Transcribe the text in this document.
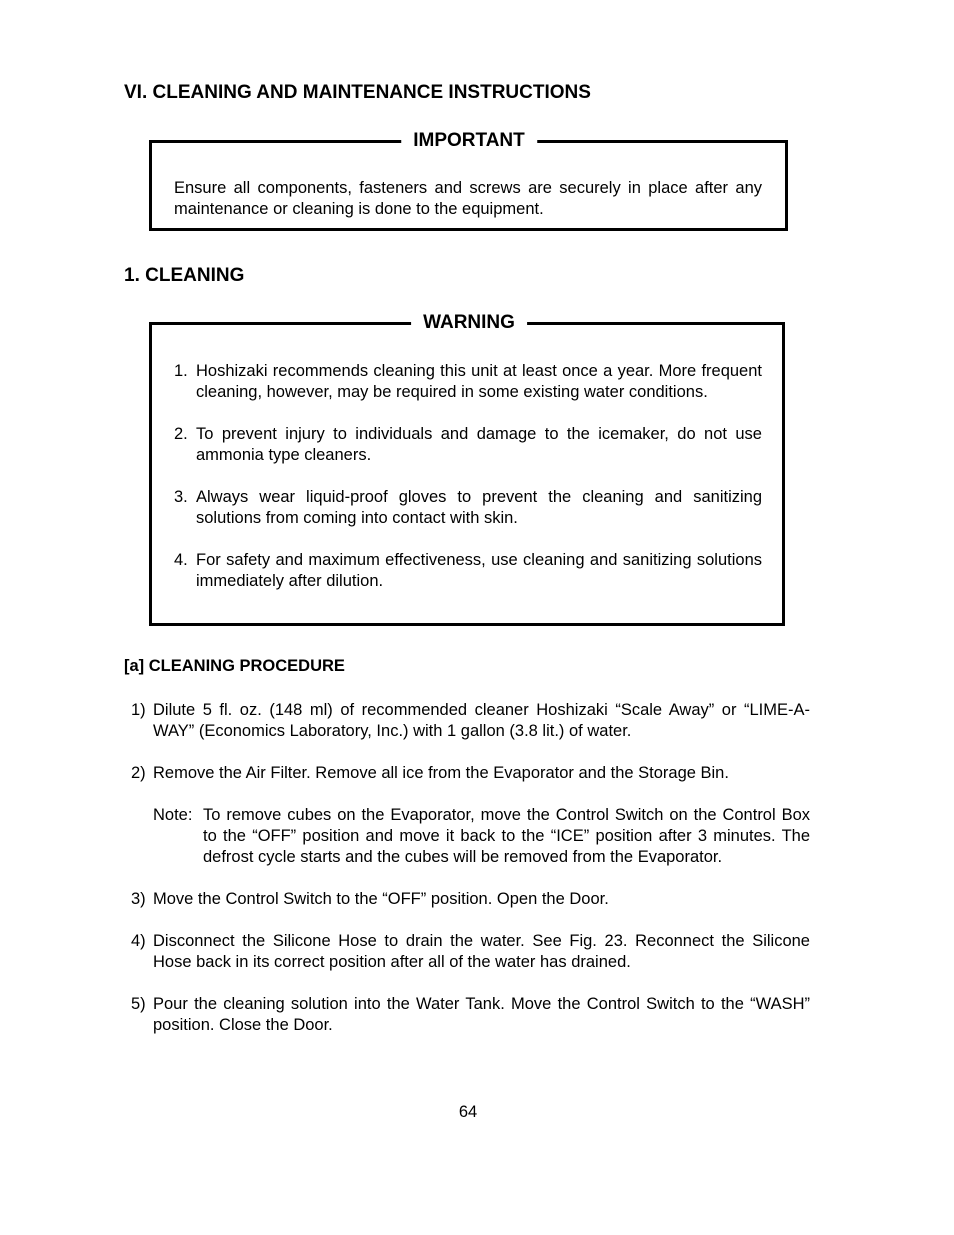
VI. CLEANING AND MAINTENANCE INSTRUCTIONS
IMPORTANT
Ensure all components, fasteners and screws are securely in place after any maintenance or cleaning is done to the equipment.
1. CLEANING
WARNING
1. Hoshizaki recommends cleaning this unit at least once a year. More frequent cleaning, however, may be required in some existing water conditions.
2. To prevent injury to individuals and damage to the icemaker, do not use ammonia type cleaners.
3. Always wear liquid-proof gloves to prevent the cleaning and sanitizing solutions from coming into contact with skin.
4. For safety and maximum effectiveness, use cleaning and sanitizing solutions immediately after dilution.
[a] CLEANING PROCEDURE
1) Dilute 5 fl. oz. (148 ml) of recommended cleaner Hoshizaki “Scale Away” or “LIME-A-WAY” (Economics Laboratory, Inc.) with 1 gallon (3.8 lit.) of water.
2) Remove the Air Filter. Remove all ice from the Evaporator and the Storage Bin.
Note: To remove cubes on the Evaporator, move the Control Switch on the Control Box to the “OFF” position and move it back to the “ICE” position after 3 minutes. The defrost cycle starts and the cubes will be removed from the Evaporator.
3) Move the Control Switch to the “OFF” position. Open the Door.
4) Disconnect the Silicone Hose to drain the water. See Fig. 23. Reconnect the Silicone Hose back in its correct position after all of the water has drained.
5) Pour the cleaning solution into the Water Tank. Move the Control Switch to the “WASH” position. Close the Door.
64
